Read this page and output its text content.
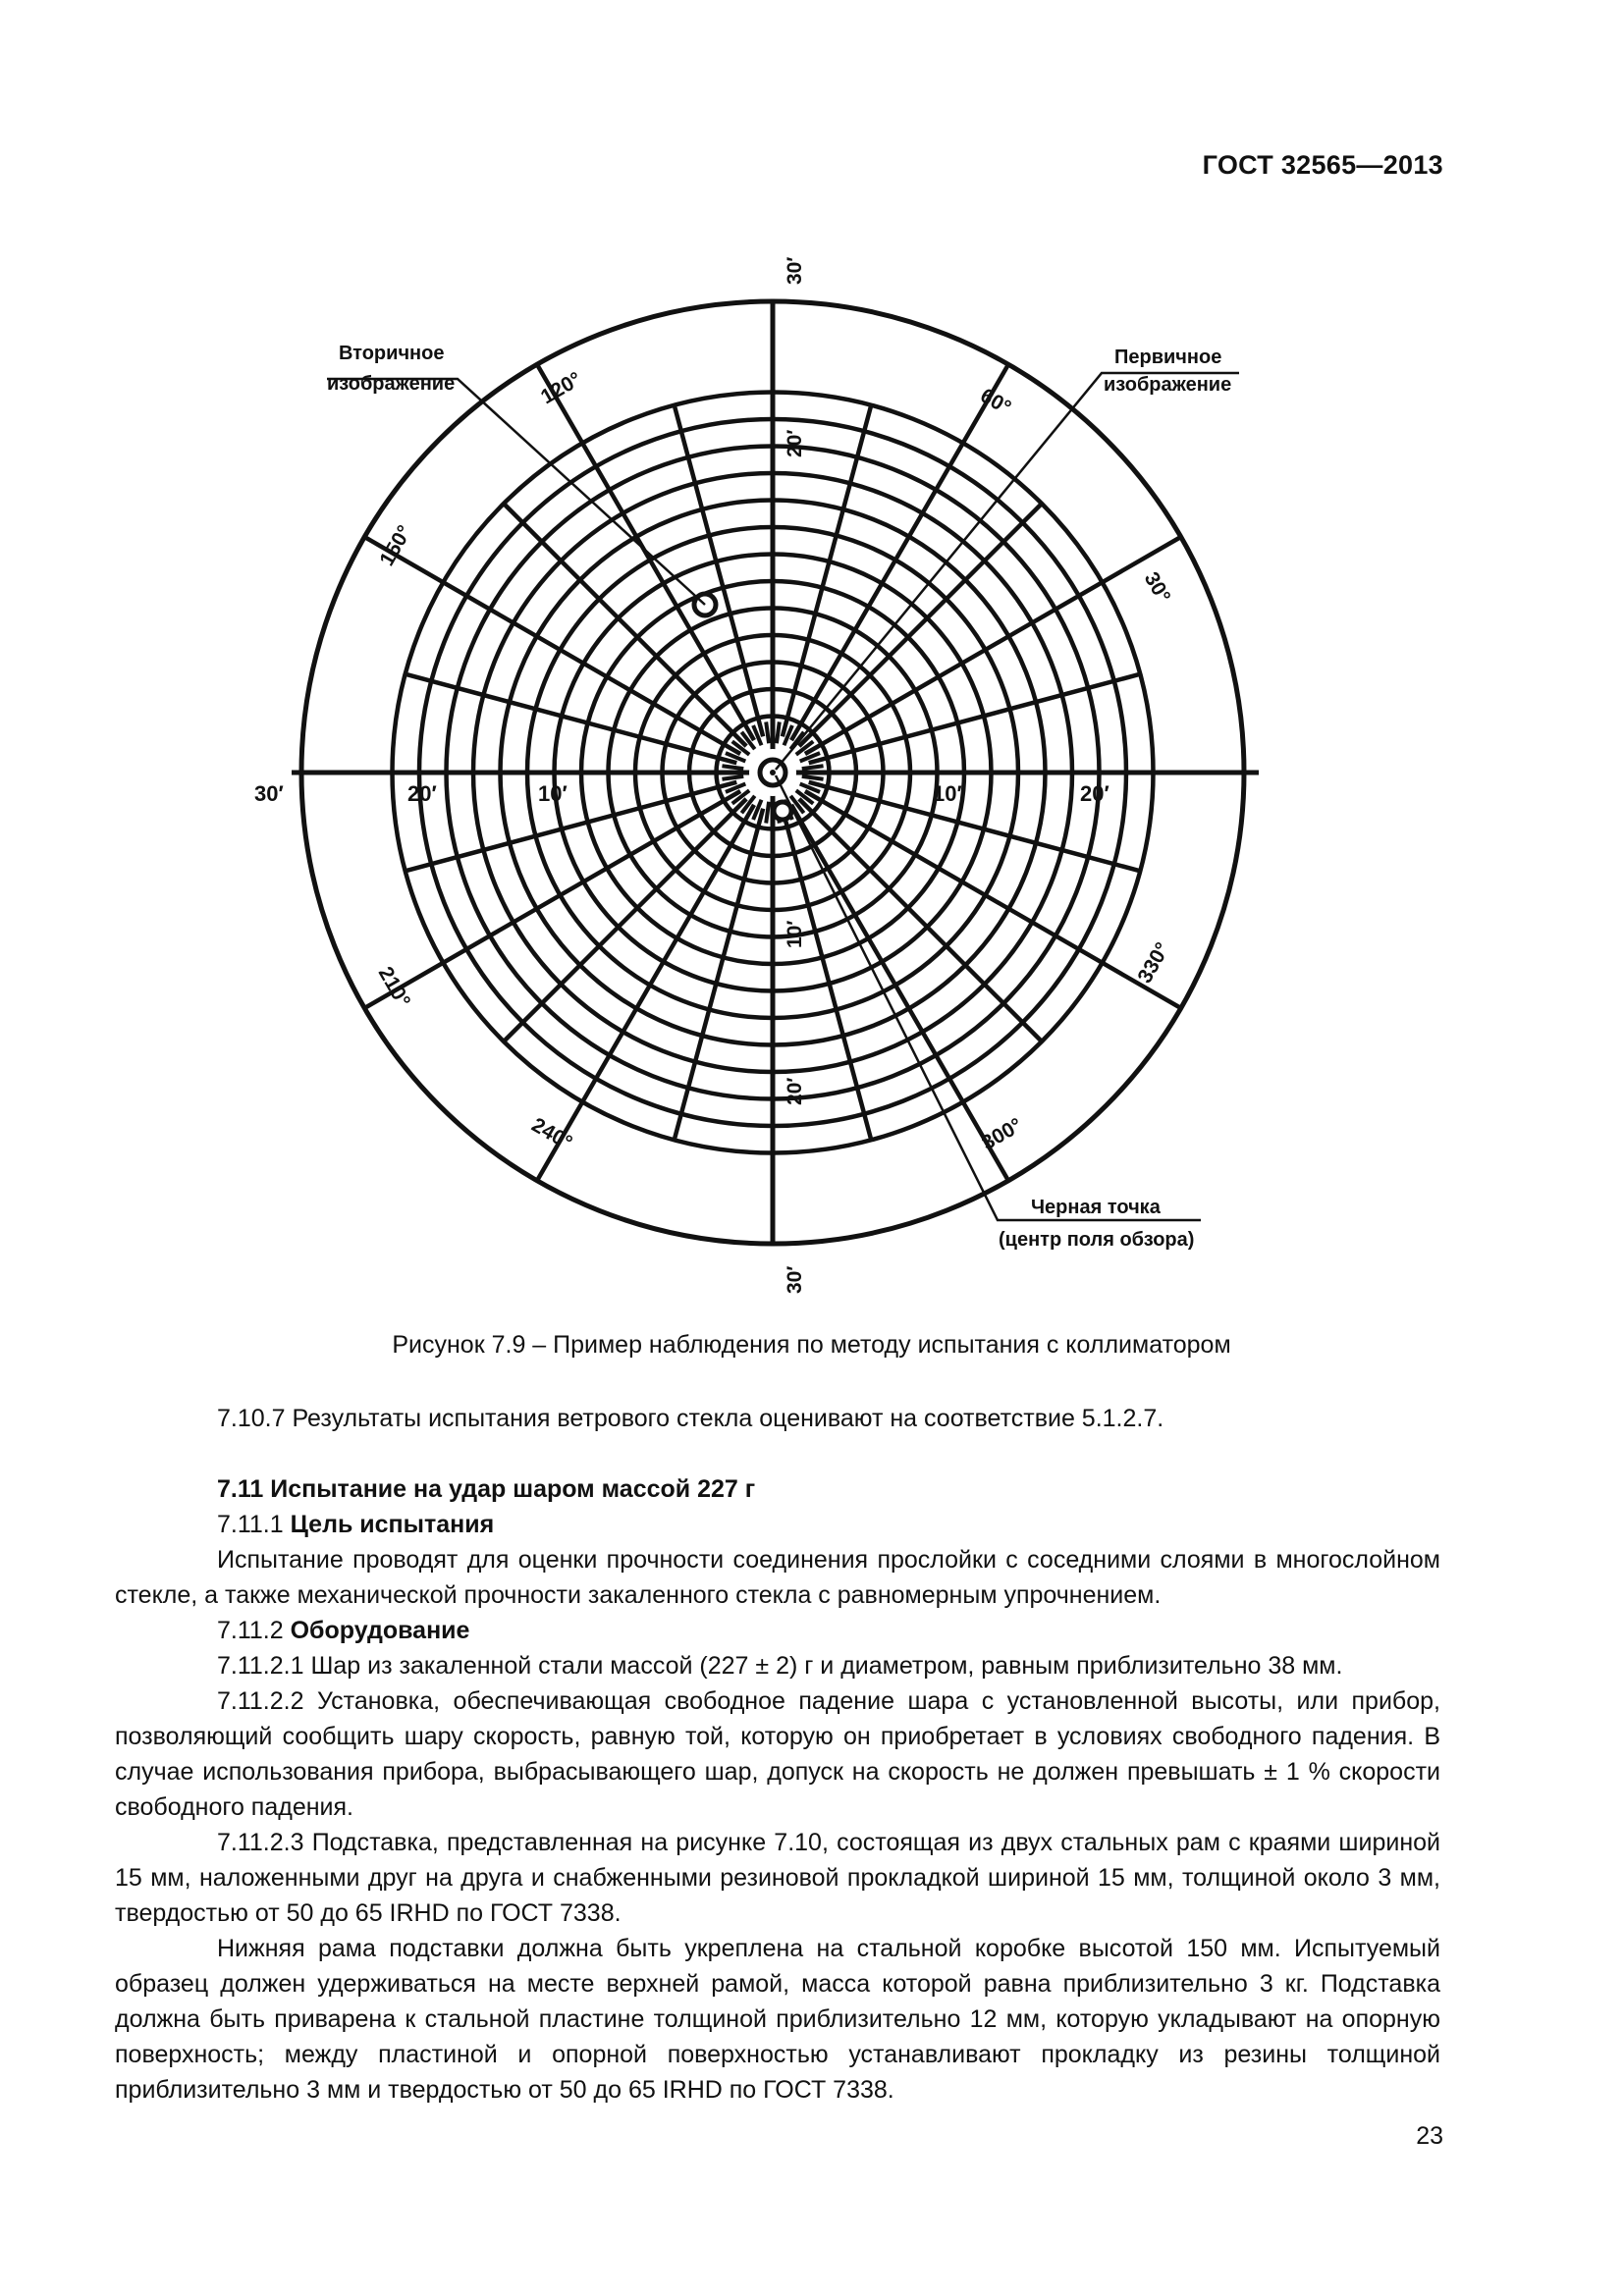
ГОСТ 32565—2013
Вторичное
изображение
Первичное
изображение
Черная точка
(центр поля обзора)
30′	20′	10′	10′	20′
30′
20′
10′
20′
30′
30°
60°
120°
150°
210°
240°	300°
330°
Рисунок 7.9 – Пример наблюдения по методу испытания с коллиматором

7.10.7 Результаты испытания ветрового стекла оценивают на соответствие 5.1.2.7.

7.11 Испытание на удар шаром массой 227 г

7.11.1 Цель испытания

Испытание проводят для оценки прочности соединения прослойки с соседними слоями в многослойном стекле, а также механической прочности закаленного стекла с равномерным упрочнением.

7.11.2 Оборудование

7.11.2.1 Шар из закаленной стали массой (227 ± 2) г и диаметром, равным приблизительно 38 мм.

7.11.2.2 Установка, обеспечивающая свободное падение шара с установленной высоты, или прибор, позволяющий сообщить шару скорость, равную той, которую он приобретает в условиях свободного падения. В случае использования прибора, выбрасывающего шар, допуск на скорость не должен превышать ± 1 % скорости свободного падения.

7.11.2.3 Подставка, представленная на рисунке 7.10, состоящая из двух стальных рам с краями шириной 15 мм, наложенными друг на друга и снабженными резиновой прокладкой шириной 15 мм, толщиной около 3 мм, твердостью от 50 до 65 IRHD по ГОСТ 7338.

Нижняя рама подставки должна быть укреплена на стальной коробке высотой 150 мм. Испытуемый образец должен удерживаться на месте верхней рамой, масса которой равна приблизительно 3 кг. Подставка должна быть приварена к стальной пластине толщиной приблизительно 12 мм, которую укладывают на опорную поверхность; между пластиной и опорной поверхностью устанавливают прокладку из резины толщиной приблизительно 3 мм и твердостью от 50 до 65 IRHD по ГОСТ 7338.

23
